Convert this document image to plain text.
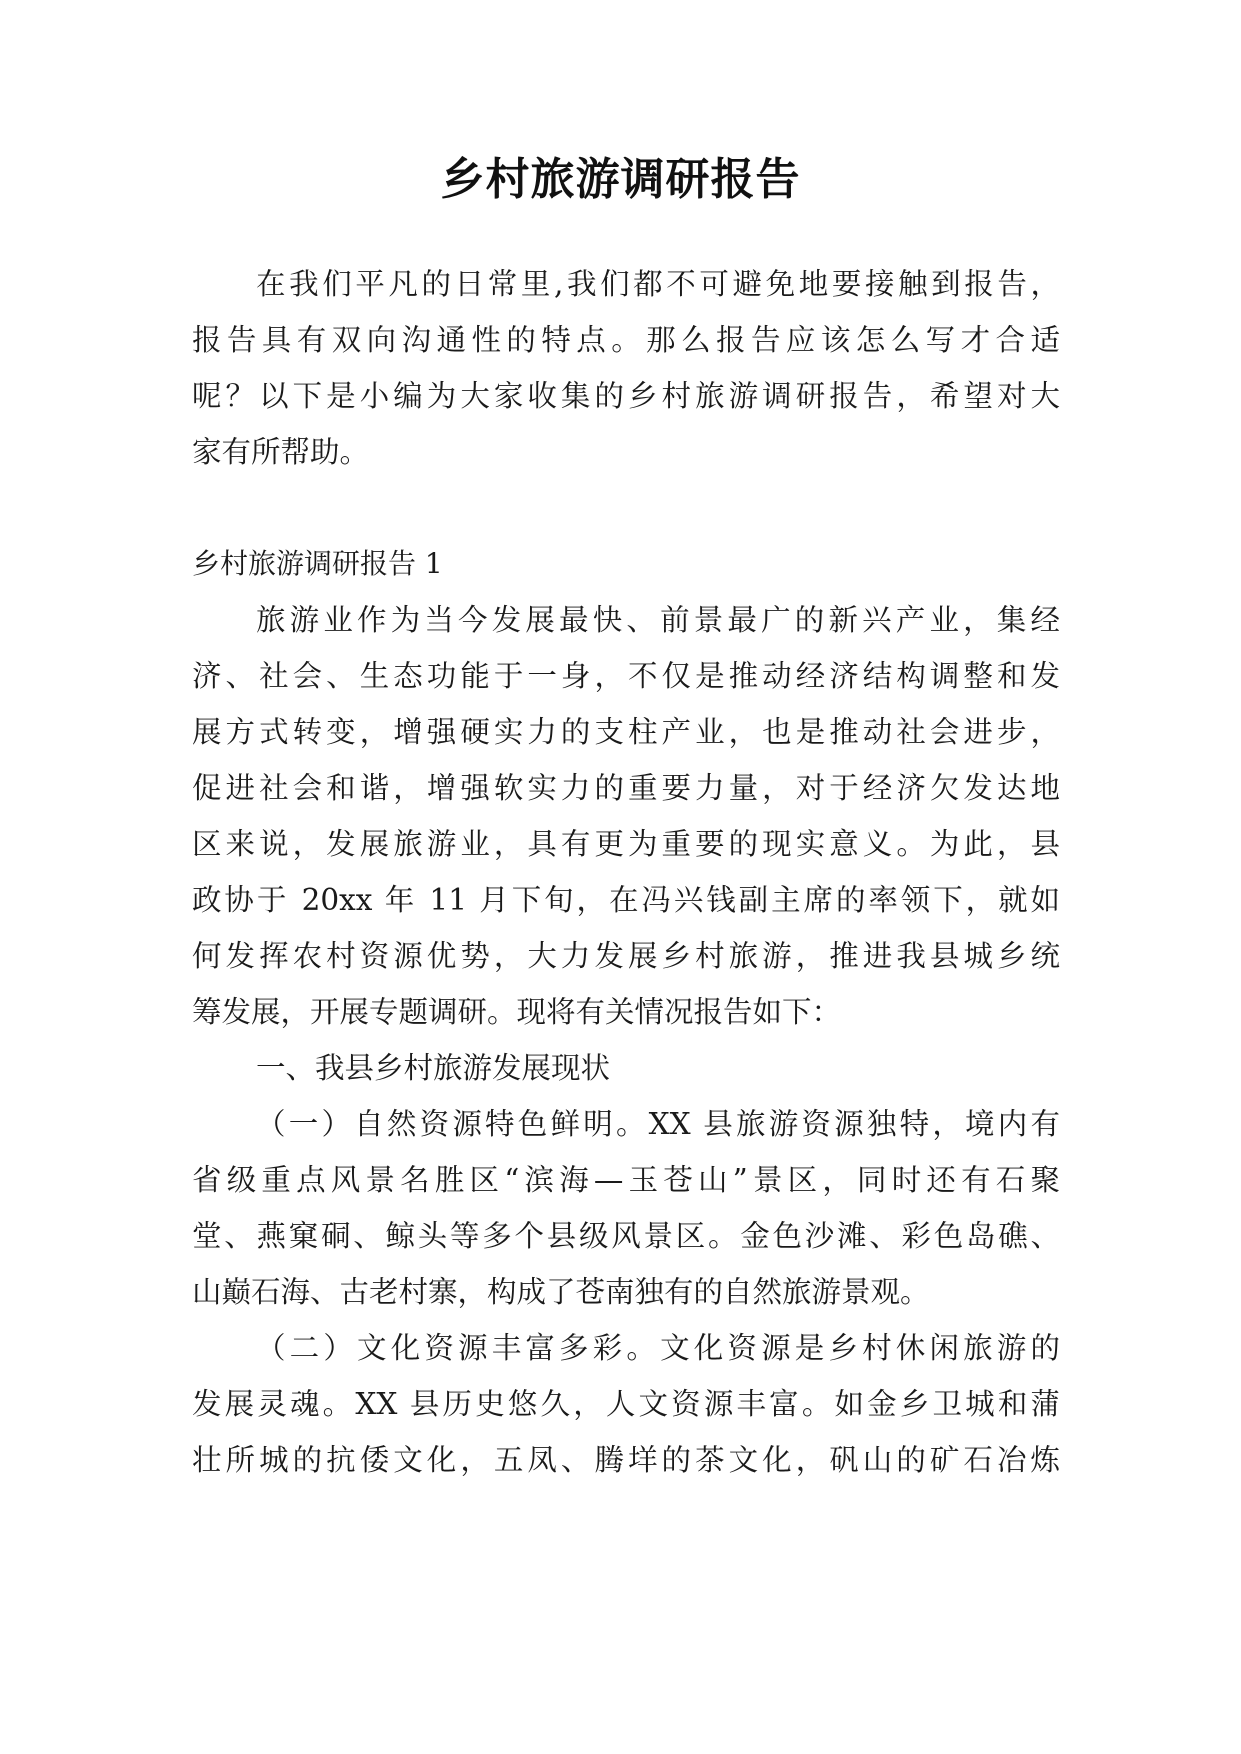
乡村旅游调研报告
在我们平凡的日常里,我们都不可避免地要接触到报告，
报告具有双向沟通性的特点。那么报告应该怎么写才合适
呢？以下是小编为大家收集的乡村旅游调研报告，希望对大
家有所帮助。
乡村旅游调研报告 1
旅游业作为当今发展最快、前景最广的新兴产业，集经
济、社会、生态功能于一身，不仅是推动经济结构调整和发
展方式转变，增强硬实力的支柱产业，也是推动社会进步，
促进社会和谐，增强软实力的重要力量，对于经济欠发达地
区来说，发展旅游业，具有更为重要的现实意义。为此，县
政协于 20xx 年 11 月下旬，在冯兴钱副主席的率领下，就如
何发挥农村资源优势，大力发展乡村旅游，推进我县城乡统
筹发展，开展专题调研。现将有关情况报告如下：
一、我县乡村旅游发展现状
（一）自然资源特色鲜明。XX 县旅游资源独特，境内有
省级重点风景名胜区“滨海—玉苍山”景区，同时还有石聚
堂、燕窠硐、鲸头等多个县级风景区。金色沙滩、彩色岛礁、
山巅石海、古老村寨，构成了苍南独有的自然旅游景观。
（二）文化资源丰富多彩。文化资源是乡村休闲旅游的
发展灵魂。XX 县历史悠久，人文资源丰富。如金乡卫城和蒲
壮所城的抗倭文化，五凤、腾垟的茶文化，矾山的矿石冶炼
